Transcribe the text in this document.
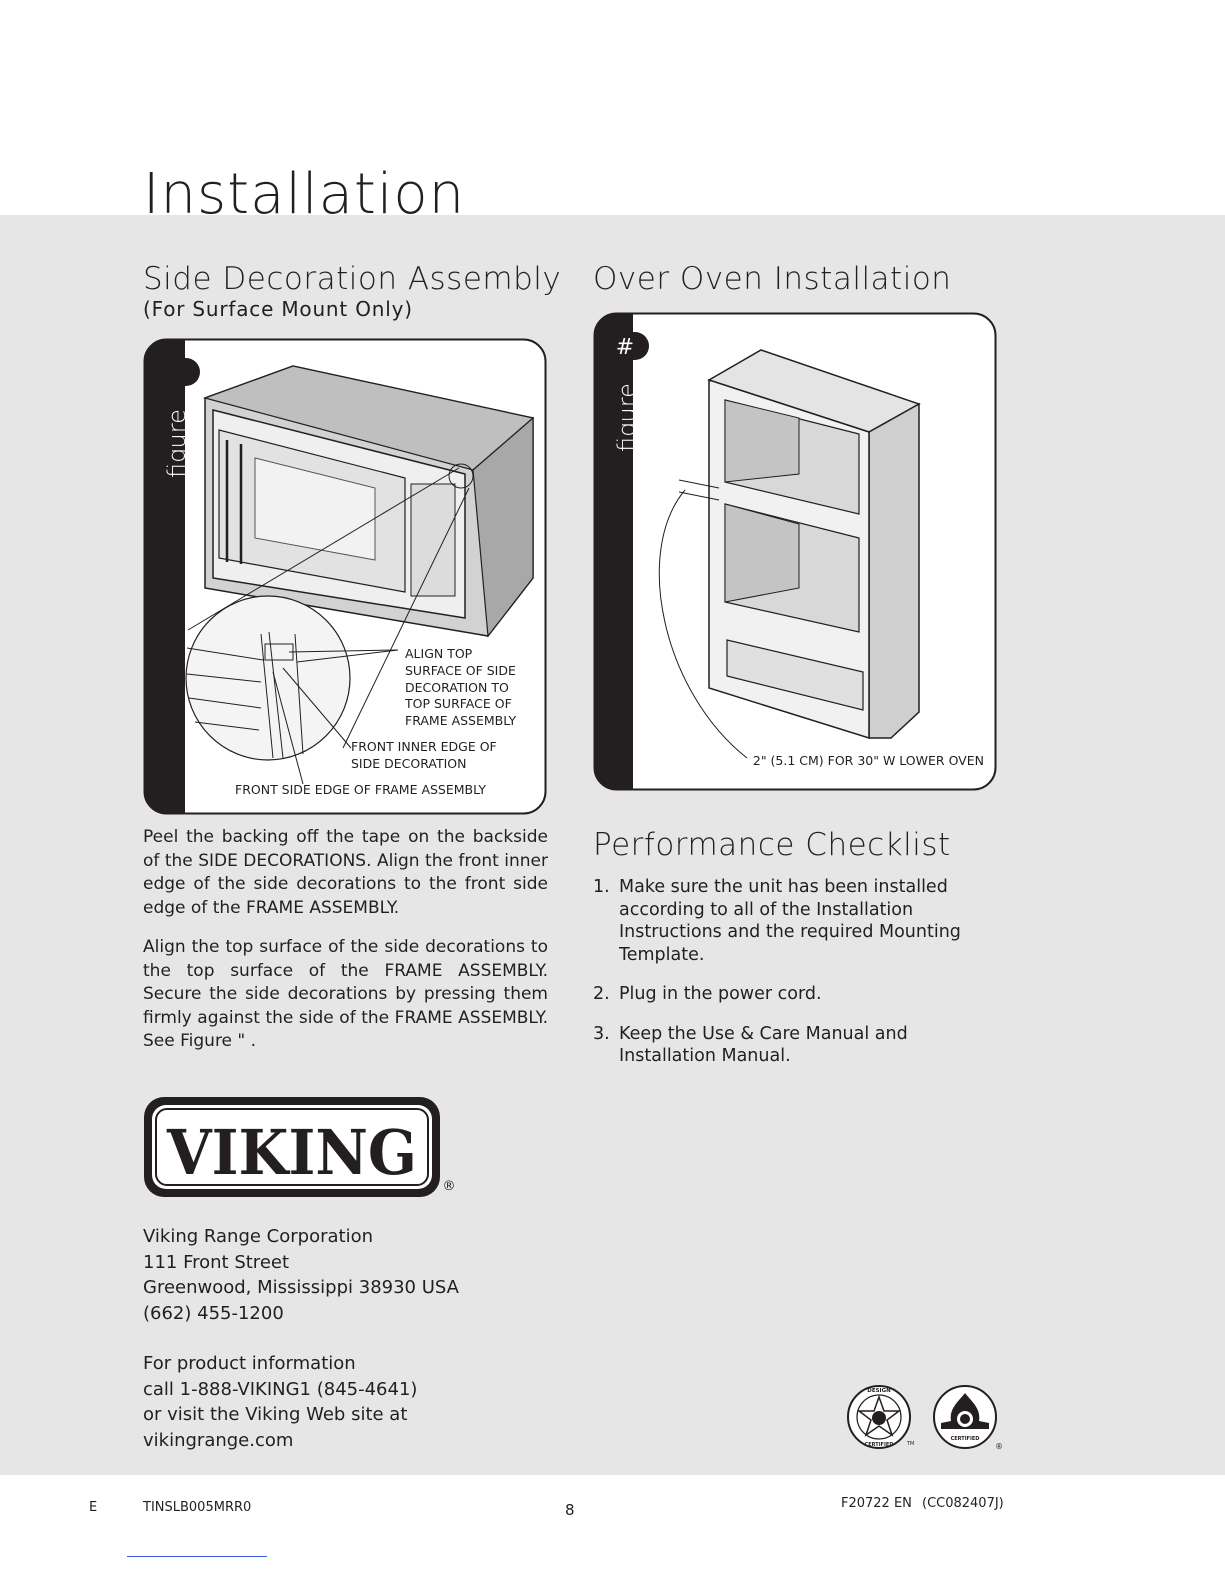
Installation
Side Decoration Assembly
(For Surface Mount Only)
"
figure
ALIGN TOP
SURFACE OF SIDE
DECORATION TO
TOP SURFACE OF
FRAME ASSEMBLY
FRONT INNER EDGE OF
SIDE DECORATION
FRONT SIDE EDGE OF FRAME ASSEMBLY

Peel the backing off the tape on the backside of the SIDE DECORATIONS. Align the front inner edge of the side decorations to the front side edge of the FRAME ASSEMBLY.

Align the top surface of the side decorations to the top surface of the FRAME ASSEMBLY. Secure the side decorations by pressing them firmly against the side of the FRAME ASSEMBLY. See Figure " .

Over Oven Installation
#
figure
2" (5.1 CM) FOR 30" W LOWER OVEN
Performance Checklist
1. Make sure the unit has been installed according to all of the Installation Instructions and the required Mounting Template.
2. Plug in the power cord.
3. Keep the Use & Care Manual and Installation Manual.
VIKING ®
Viking Range Corporation
111 Front Street
Greenwood, Mississippi 38930 USA
(662) 455-1200
For product information
call 1-888-VIKING1 (845-4641)
or visit the Viking Web site at
vikingrange.com
DESIGN
CERTIFIED	TM
CERTIFIED
®
E	TINSLB005MRR0	8	F20722 EN (CC082407J)
